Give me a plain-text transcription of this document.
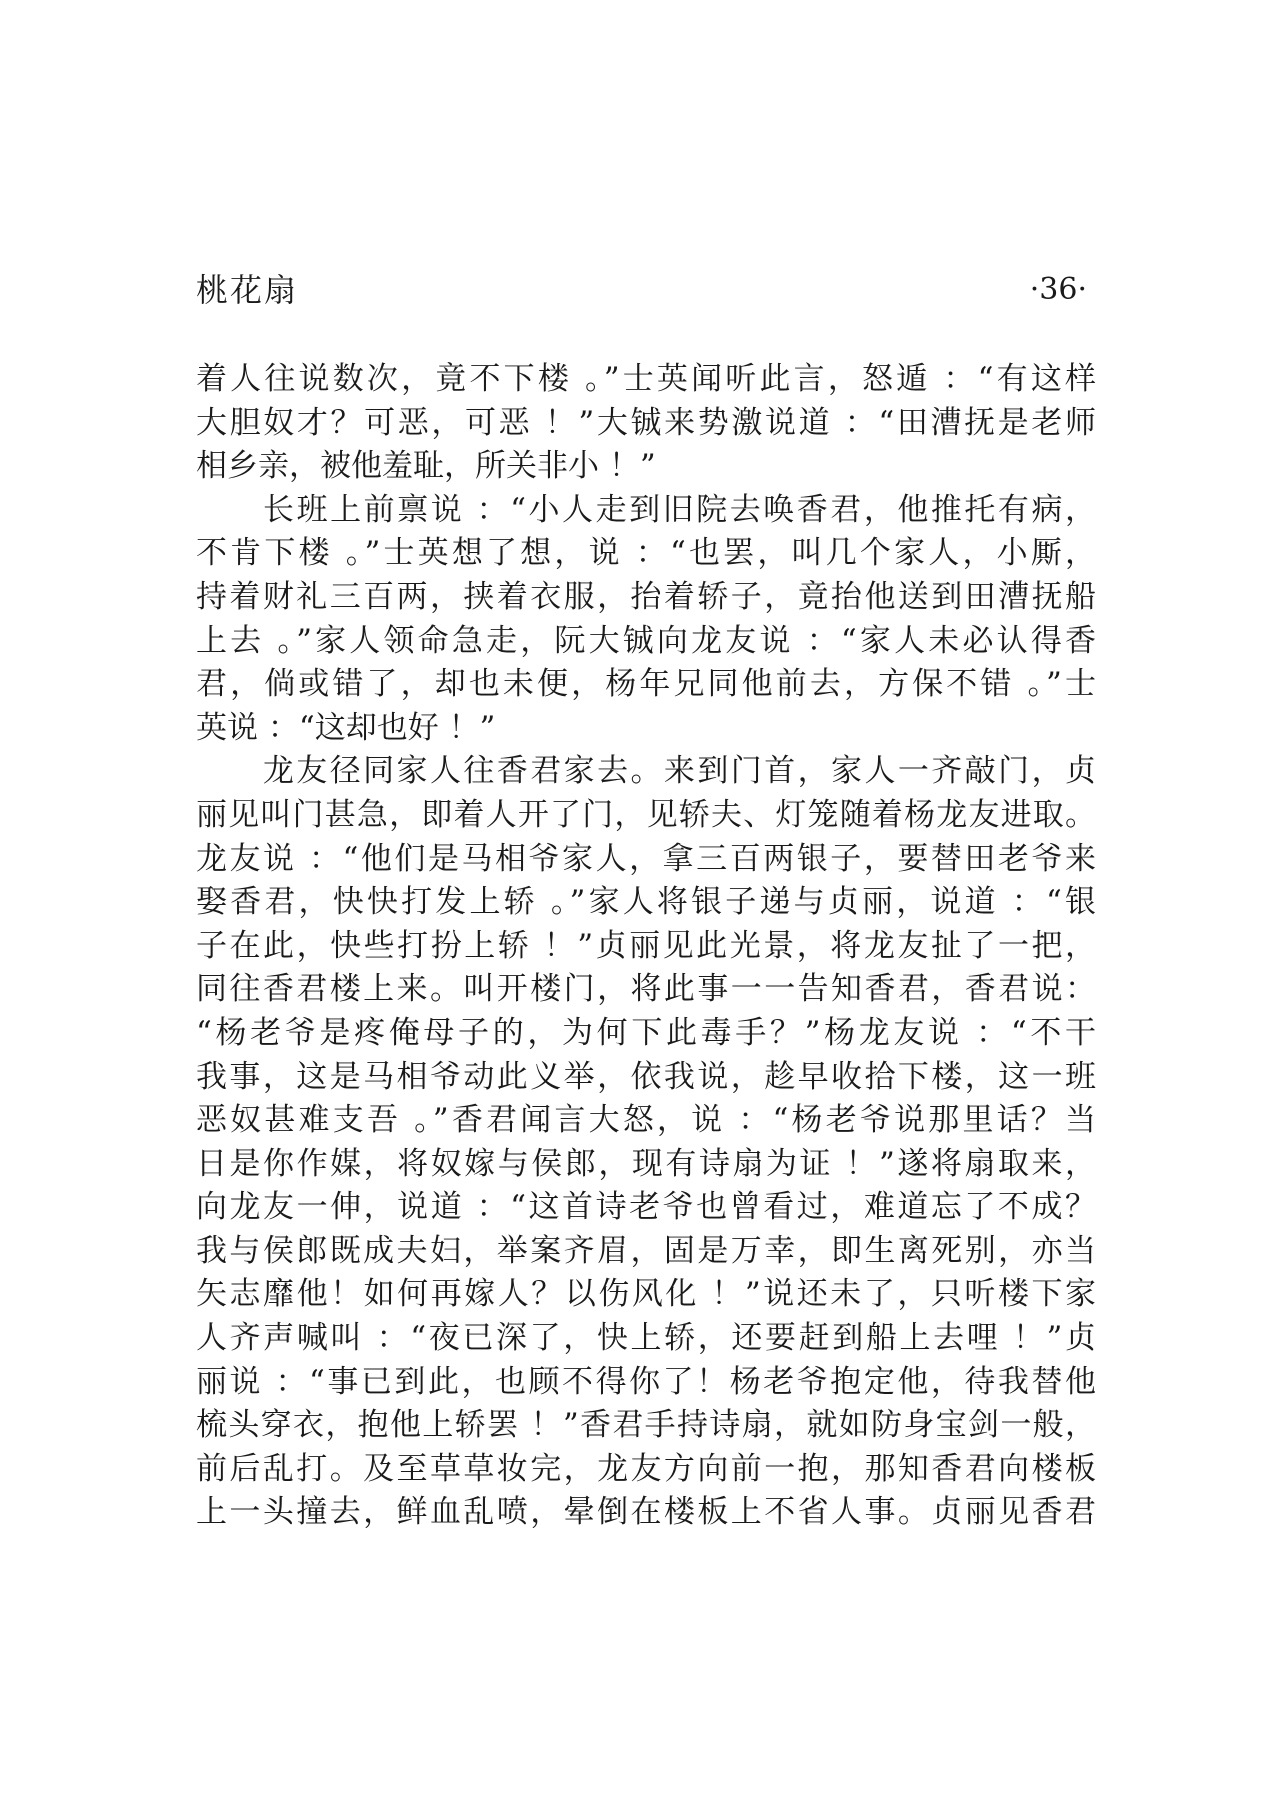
桃花扇	·36·
着人往说数次，竟不下楼 。”士英闻听此言，怒遁 ：“有这样
大胆奴才？可恶，可恶 ！”大铖来势激说道 ：“田漕抚是老师
相乡亲，被他羞耻，所关非小 ！”
　　长班上前禀说 ：“小人走到旧院去唤香君，他推托有病，
不肯下楼 。”士英想了想，说 ：“也罢，叫几个家人，小厮，
持着财礼三百两，挟着衣服，抬着轿子，竟抬他送到田漕抚船
上去 。”家人领命急走，阮大铖向龙友说 ：“家人未必认得香
君，倘或错了，却也未便，杨年兄同他前去，方保不错 。”士
英说 ：“这却也好 ！”
　　龙友径同家人往香君家去。来到门首，家人一齐敲门，贞
丽见叫门甚急，即着人开了门，见轿夫、灯笼随着杨龙友进取。
龙友说 ：“他们是马相爷家人，拿三百两银子，要替田老爷来
娶香君，快快打发上轿 。”家人将银子递与贞丽，说道 ：“银
子在此，快些打扮上轿 ！”贞丽见此光景，将龙友扯了一把，
同往香君楼上来。叫开楼门，将此事一一告知香君，香君说：
“杨老爷是疼俺母子的，为何下此毒手？”杨龙友说 ：“不干
我事，这是马相爷动此义举，依我说，趁早收拾下楼，这一班
恶奴甚难支吾 。”香君闻言大怒，说 ：“杨老爷说那里话？当
日是你作媒，将奴嫁与侯郎，现有诗扇为证 ！”遂将扇取来，
向龙友一伸，说道 ：“这首诗老爷也曾看过，难道忘了不成？
我与侯郎既成夫妇，举案齐眉，固是万幸，即生离死别，亦当
矢志靡他！如何再嫁人？以伤风化 ！”说还未了，只听楼下家
人齐声喊叫 ：“夜已深了，快上轿，还要赶到船上去哩 ！”贞
丽说 ：“事已到此，也顾不得你了！杨老爷抱定他，待我替他
梳头穿衣，抱他上轿罢 ！”香君手持诗扇，就如防身宝剑一般，
前后乱打。及至草草妆完，龙友方向前一抱，那知香君向楼板
上一头撞去，鲜血乱喷，晕倒在楼板上不省人事。贞丽见香君
